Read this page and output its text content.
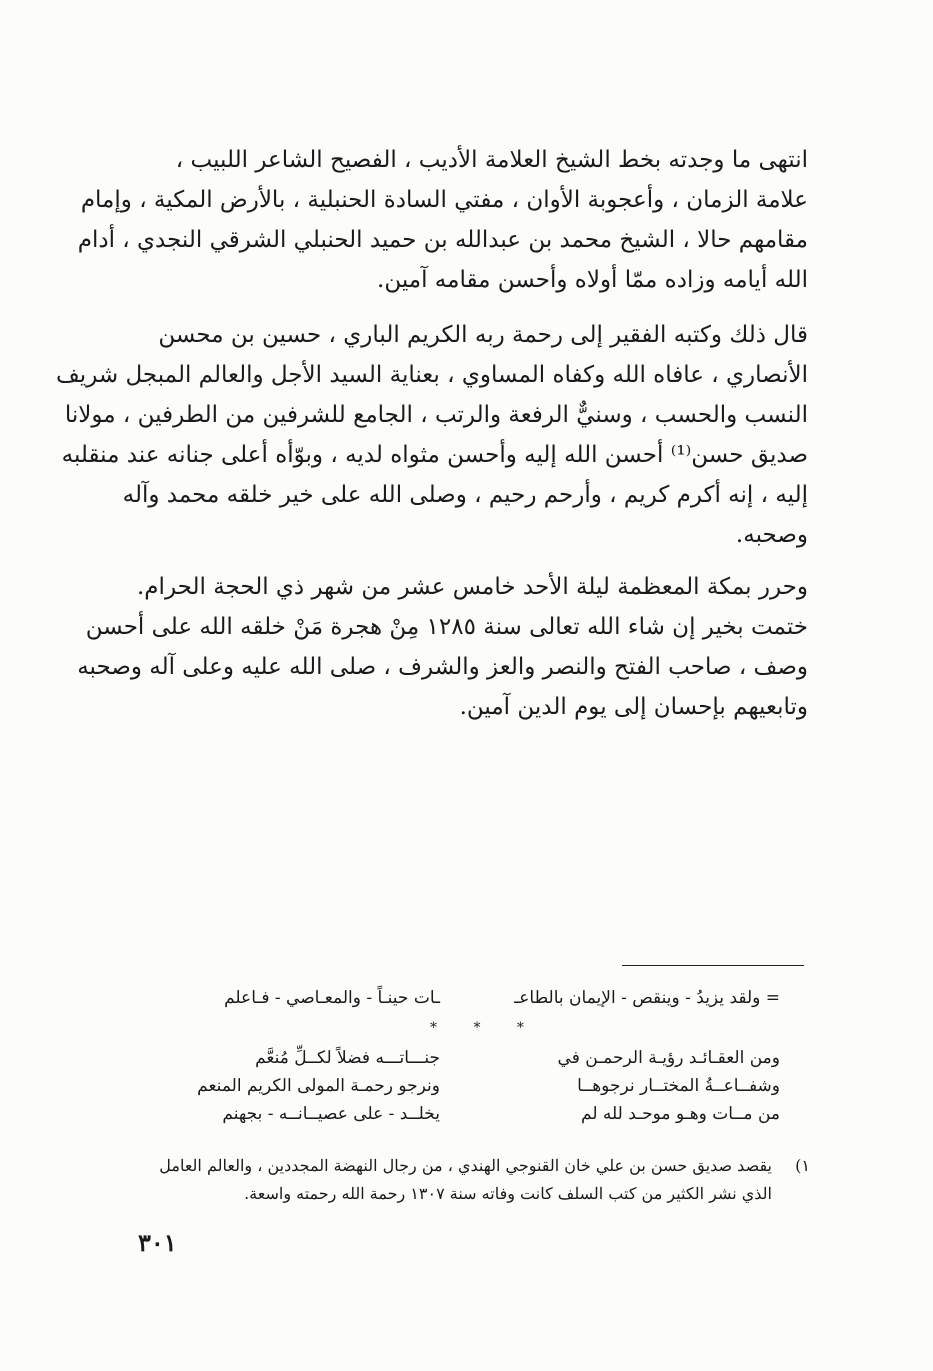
انتهى ما وجدته بخط الشيخ العلامة الأديب ، الفصيح الشاعر اللبيب ،
علامة الزمان ، وأعجوبة الأوان ، مفتي السادة الحنبلية ، بالأرض المكية ، وإمام
مقامهم حالا ، الشيخ محمد بن عبدالله بن حميد الحنبلي الشرقي النجدي ، أدام
الله أيامه وزاده ممّا أولاه وأحسن مقامه آمين.

قال ذلك وكتبه الفقير إلى رحمة ربه الكريم الباري ، حسين بن محسن
الأنصاري ، عافاه الله وكفاه المساوي ، بعناية السيد الأجل والعالم المبجل شريف
النسب والحسب ، وسنيٌّ الرفعة والرتب ، الجامع للشرفين من الطرفين ، مولانا
صديق حسن⁽¹⁾ أحسن الله إليه وأحسن مثواه لديه ، وبوّأه أعلى جنانه عند منقلبه
إليه ، إنه أكرم كريم ، وأرحم رحيم ، وصلى الله على خير خلقه محمد وآله
وصحبه.

وحرر بمكة المعظمة ليلة الأحد خامس عشر من شهر ذي الحجة الحرام.
ختمت بخير إن شاء الله تعالى سنة ١٢٨٥ مِنْ هجرة مَنْ خلقه الله على أحسن
وصف ، صاحب الفتح والنصر والعز والشرف ، صلى الله عليه وعلى آله وصحبه
وتابعيهم بإحسان إلى يوم الدين آمين.

= ولقد يزيدُ - وينقص - الإيمان بالطاعـ
ـات حينـاً - والمعـاصي - فـاعلم
* * *
ومن العقـائـد رؤيـة الرحمـن في
جنـــاتـــه فضلاً لكــلِّ مُنعَّم
وشفــاعــةُ المختــار نرجوهــا
ونرجو رحمـة المولى الكريم المنعم
من مــات وهـو موحـد لله لم
يخلــد - على عصيــانــه - بجهنم
١)
يقصد صديق حسن بن علي خان القنوجي الهندي ، من رجال النهضة المجددين ، والعالم العامل
الذي نشر الكثير من كتب السلف كانت وفاته سنة ١٣٠٧ رحمة الله رحمته واسعة.
٣٠١
